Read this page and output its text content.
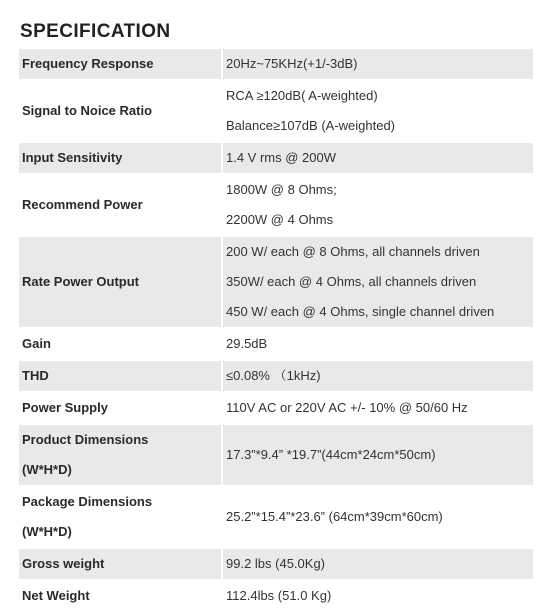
SPECIFICATION
Frequency Response	20Hz~75KHz(+1/-3dB)

Signal to Noice Ratio	RCA ≥120dB( A-weighted)
Balance≥107dB (A-weighted)

Input Sensitivity	1.4 V rms @ 200W

Recommend Power	1800W @ 8 Ohms;
2200W @ 4 Ohms

Rate Power Output	200 W/ each @ 8 Ohms, all channels driven
350W/ each @ 4 Ohms, all channels driven
450 W/ each @ 4 Ohms, single channel driven

Gain	29.5dB

THD	≤0.08% （1kHz)

Power Supply	110V AC or 220V AC +/- 10% @ 50/60 Hz

Product Dimensions
(W*H*D)	17.3”*9.4” *19.7”(44cm*24cm*50cm)

Package Dimensions
(W*H*D)	25.2”*15.4”*23.6” (64cm*39cm*60cm)

Gross weight	99.2 lbs (45.0Kg)

Net Weight	112.4lbs (51.0 Kg)
